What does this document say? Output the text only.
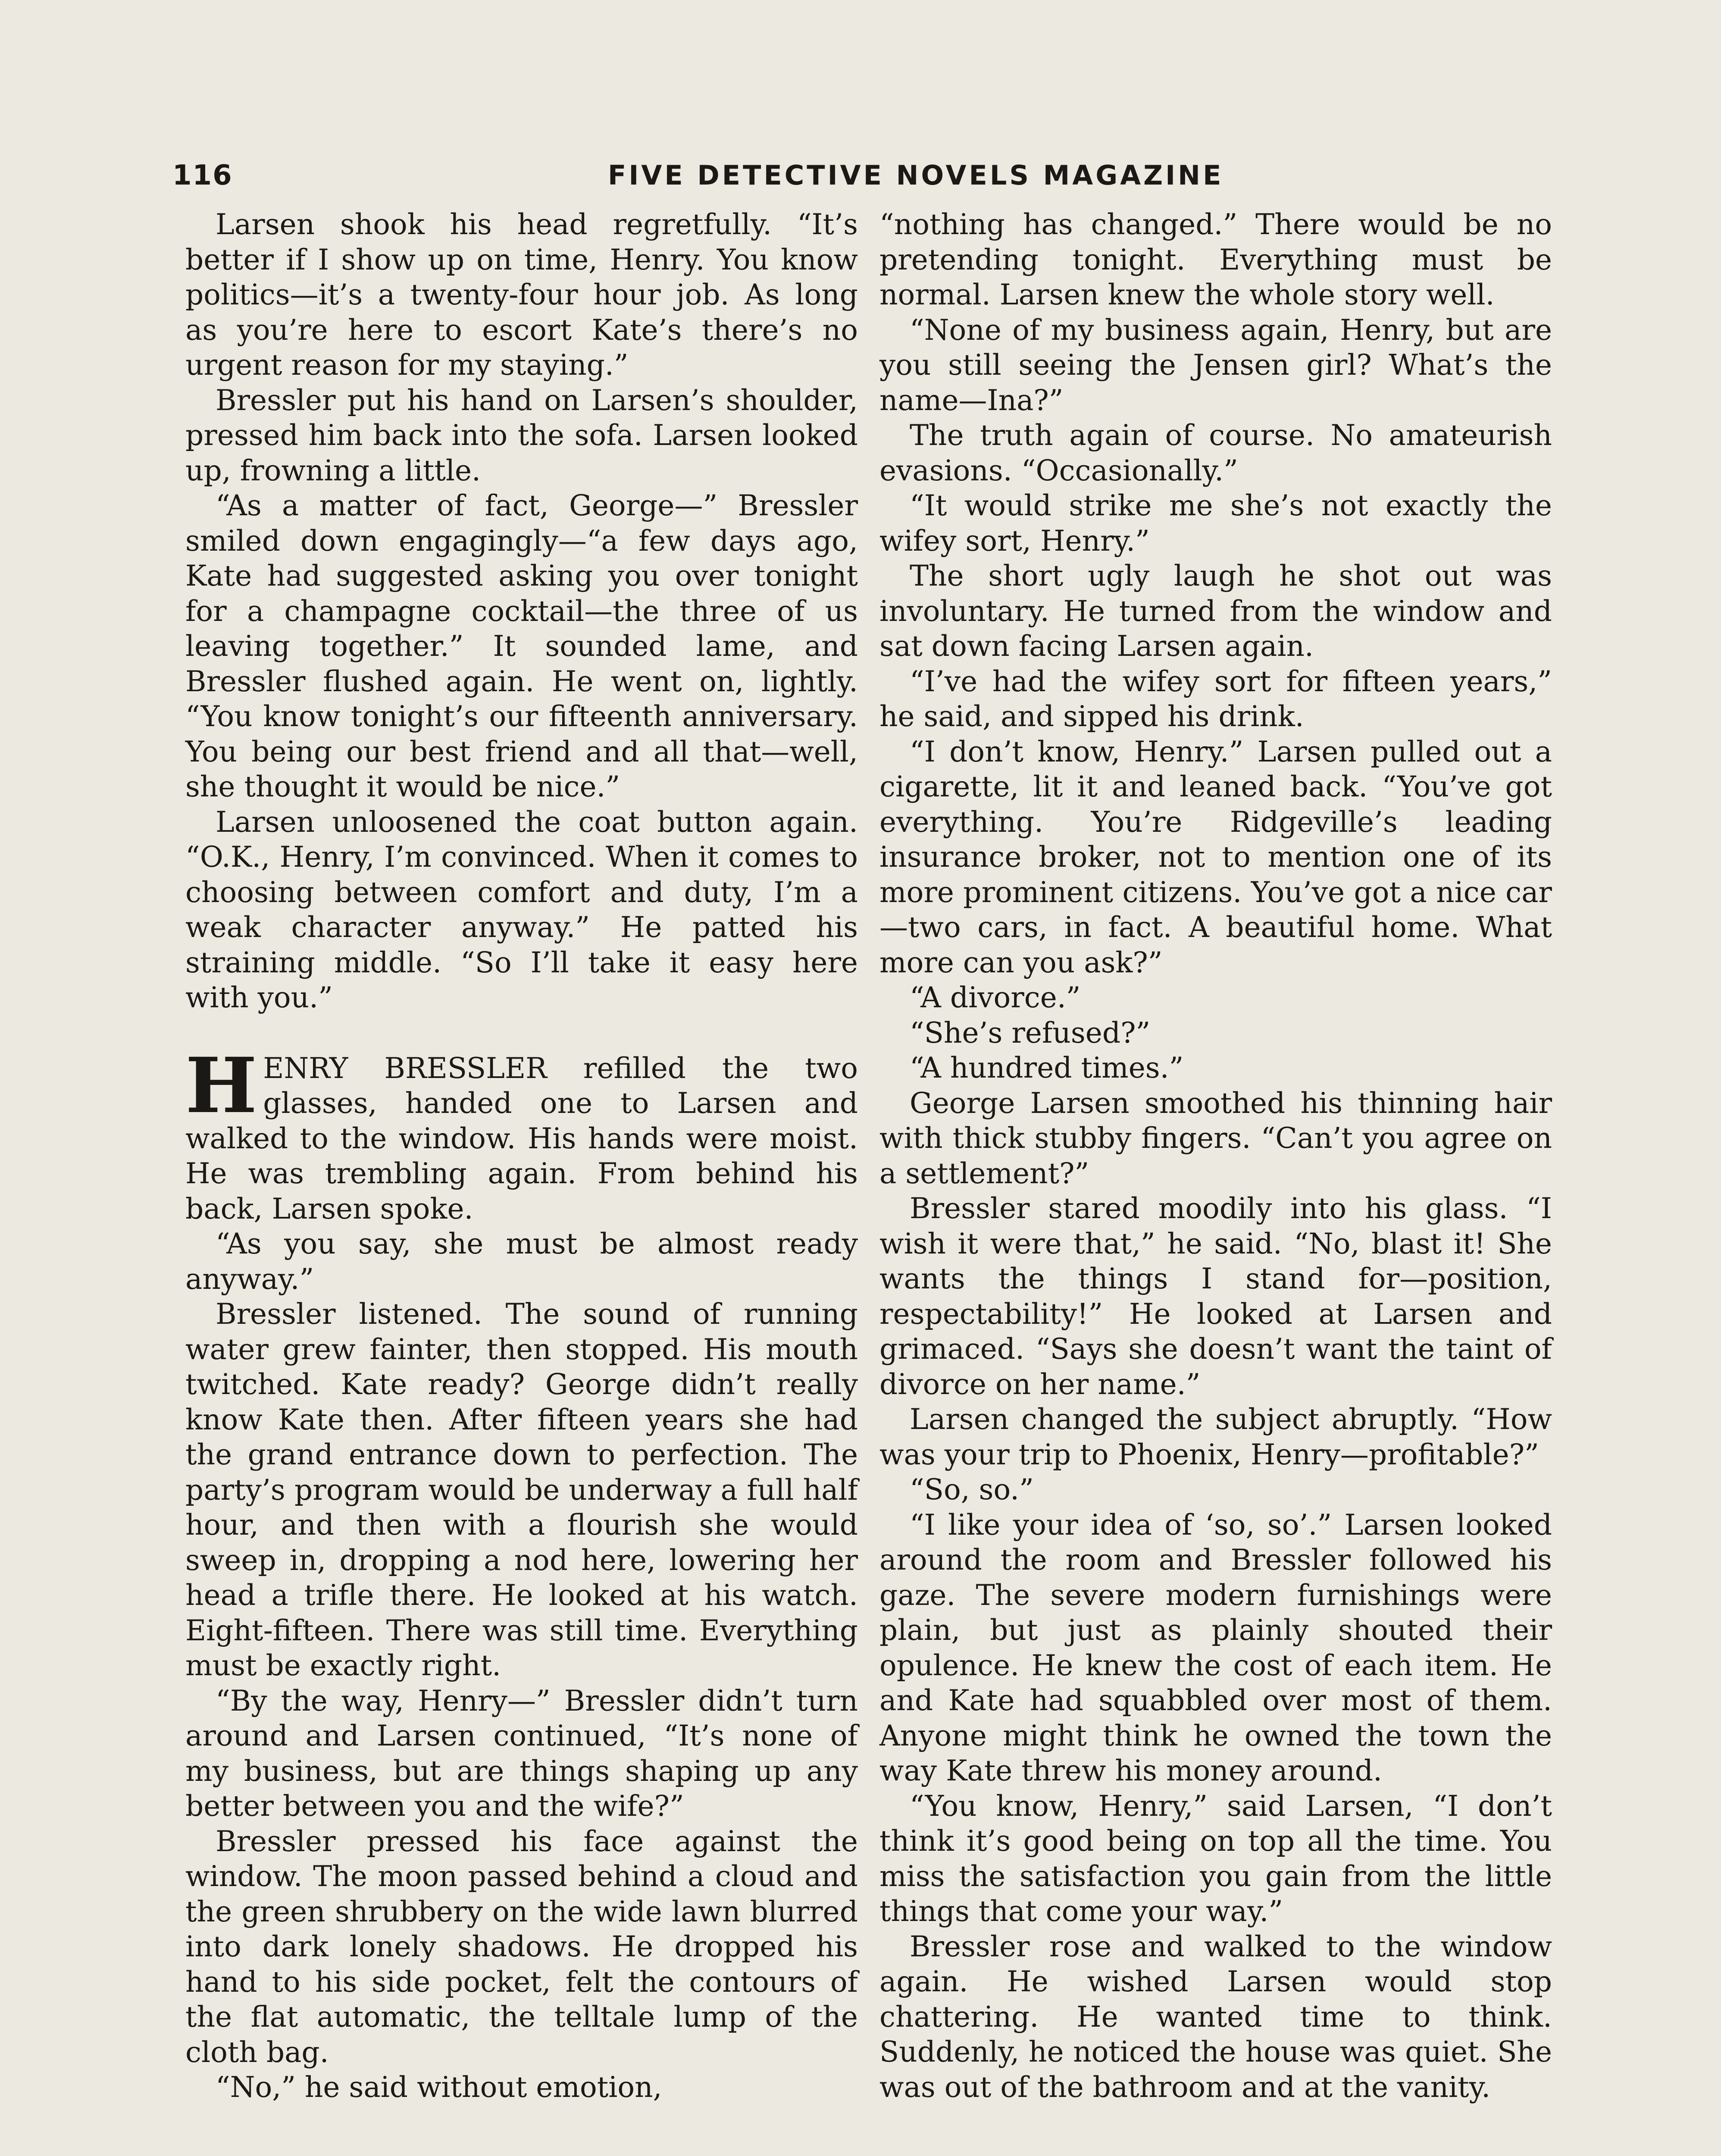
116	FIVE DETECTIVE NOVELS MAGAZINE

Larsen shook his head regretfully. “It’s better if I show up on time, Henry. You know politics—it’s a twenty-four hour job. As long as you’re here to escort Kate’s there’s no urgent reason for my staying.”

Bressler put his hand on Larsen’s shoulder, pressed him back into the sofa. Larsen looked up, frowning a little.

“As a matter of fact, George—” Bressler smiled down engagingly—“a few days ago, Kate had suggested asking you over tonight for a champagne cocktail—the three of us leaving together.” It sounded lame, and Bressler flushed again. He went on, lightly. “You know tonight’s our fifteenth anniversary. You being our best friend and all that—well, she thought it would be nice.”

Larsen unloosened the coat button again. “O.K., Henry, I’m convinced. When it comes to choosing between comfort and duty, I’m a weak character anyway.” He patted his straining middle. “So I’ll take it easy here with you.”

HENRY BRESSLER refilled the two glasses, handed one to Larsen and walked to the window. His hands were moist. He was trembling again. From behind his back, Larsen spoke.

“As you say, she must be almost ready anyway.”

Bressler listened. The sound of running water grew fainter, then stopped. His mouth twitched. Kate ready? George didn’t really know Kate then. After fifteen years she had the grand entrance down to perfection. The party’s program would be underway a full half hour, and then with a flourish she would sweep in, dropping a nod here, lowering her head a trifle there. He looked at his watch. Eight-fifteen. There was still time. Everything must be exactly right.

“By the way, Henry—” Bressler didn’t turn around and Larsen continued, “It’s none of my business, but are things shaping up any better between you and the wife?”

Bressler pressed his face against the window. The moon passed behind a cloud and the green shrubbery on the wide lawn blurred into dark lonely shadows. He dropped his hand to his side pocket, felt the contours of the flat automatic, the telltale lump of the cloth bag.

“No,” he said without emotion,

“nothing has changed.” There would be no pretending tonight. Everything must be normal. Larsen knew the whole story well.

“None of my business again, Henry, but are you still seeing the Jensen girl? What’s the name—Ina?”

The truth again of course. No amateurish evasions. “Occasionally.”

“It would strike me she’s not exactly the wifey sort, Henry.”

The short ugly laugh he shot out was involuntary. He turned from the window and sat down facing Larsen again.

“I’ve had the wifey sort for fifteen years,” he said, and sipped his drink.

“I don’t know, Henry.” Larsen pulled out a cigarette, lit it and leaned back. “You’ve got everything. You’re Ridgeville’s leading insurance broker, not to mention one of its more prominent citizens. You’ve got a nice car—two cars, in fact. A beautiful home. What more can you ask?”

“A divorce.”

“She’s refused?”

“A hundred times.”

George Larsen smoothed his thinning hair with thick stubby fingers. “Can’t you agree on a settlement?”

Bressler stared moodily into his glass. “I wish it were that,” he said. “No, blast it! She wants the things I stand for—position, respectability!” He looked at Larsen and grimaced. “Says she doesn’t want the taint of divorce on her name.”

Larsen changed the subject abruptly. “How was your trip to Phoenix, Henry—profitable?”

“So, so.”

“I like your idea of ‘so, so’.” Larsen looked around the room and Bressler followed his gaze. The severe modern furnishings were plain, but just as plainly shouted their opulence. He knew the cost of each item. He and Kate had squabbled over most of them. Anyone might think he owned the town the way Kate threw his money around.

“You know, Henry,” said Larsen, “I don’t think it’s good being on top all the time. You miss the satisfaction you gain from the little things that come your way.”

Bressler rose and walked to the window again. He wished Larsen would stop chattering. He wanted time to think. Suddenly, he noticed the house was quiet. She was out of the bathroom and at the vanity.
